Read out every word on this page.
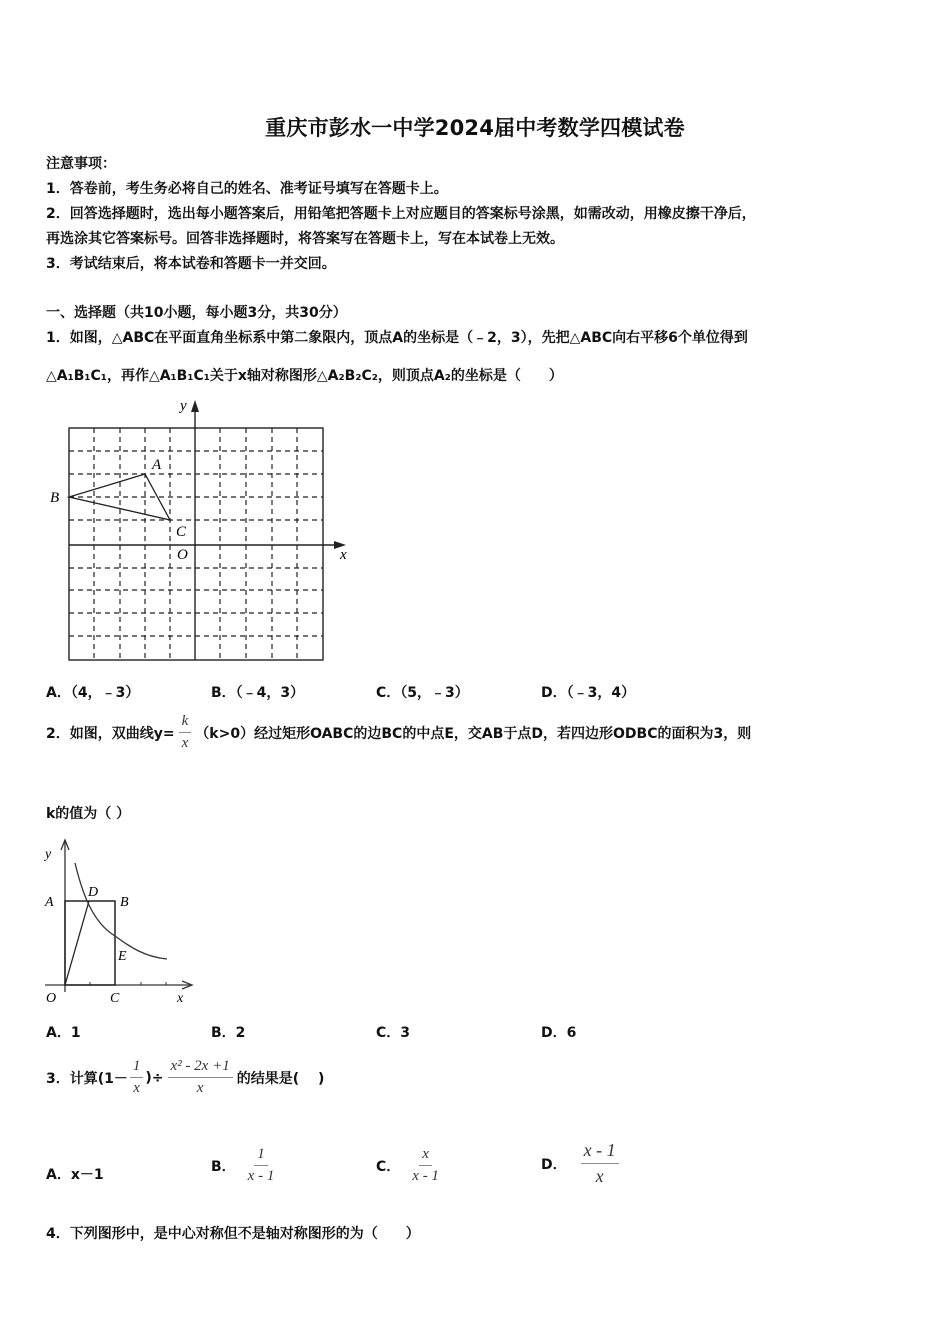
重庆市彭水一中学2024届中考数学四模试卷
注意事项：
1．答卷前，考生务必将自己的姓名、准考证号填写在答题卡上。
2．回答选择题时，选出每小题答案后，用铅笔把答题卡上对应题目的答案标号涂黑，如需改动，用橡皮擦干净后，
再选涂其它答案标号。回答非选择题时，将答案写在答题卡上，写在本试卷上无效。
3．考试结束后，将本试卷和答题卡一并交回。
一、选择题（共10小题，每小题3分，共30分）
1．如图，△ABC在平面直角坐标系中第二象限内，顶点A的坐标是（﹣2，3），先把△ABC向右平移6个单位得到
△A₁B₁C₁，再作△A₁B₁C₁关于x轴对称图形△A₂B₂C₂，则顶点A₂的坐标是（　　）
y
x
O
A
B
C
A．（4，﹣3）	B．（﹣4，3）	C．（5，﹣3）	D．（﹣3，4）
2．如图，双曲线$y= \frac{k}{x} (k>0)$经过矩形OABC的边BC的中点E，交AB于点D，若四边形ODBC的面积为3，则
k的值为（ ）
y
x
O
A	B
C
D
E
A．1	B．2	C．3	D．6
3．计算($1- \frac{1}{x}$ )÷ $\frac{\text{x² - 2x +1}}{x}$ 的结果是(　 )
A．x－1
B． $\frac{1}{x - 1}$	C． $\frac{x}{x - 1}$	D． $\frac{x - 1}{x}$
4．下列图形中，是中心对称但不是轴对称图形的为（　　）
